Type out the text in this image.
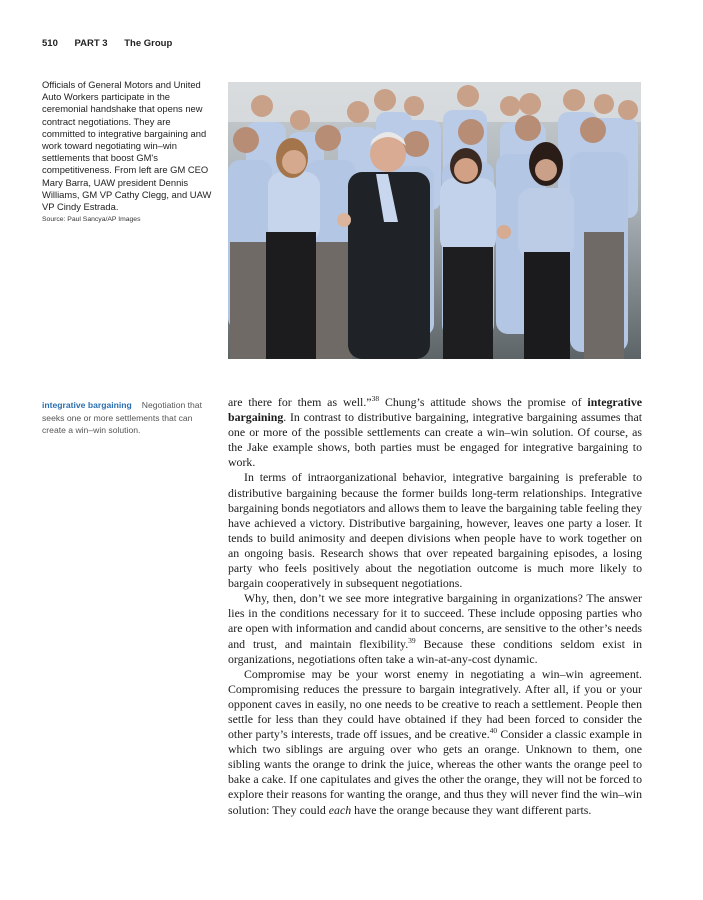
510 PART 3 The Group
Officials of General Motors and United Auto Workers participate in the ceremonial handshake that opens new contract negotiations. They are committed to integrative bargaining and work toward negotiating win–win settlements that boost GM's competitiveness. From left are GM CEO Mary Barra, UAW president Dennis Williams, GM VP Cathy Clegg, and UAW VP Cindy Estrada.
Source: Paul Sancya/AP Images
integrative bargaining Negotiation that seeks one or more settlements that can create a win–win solution.

are there for them as well.”$^{38}$ Chung’s attitude shows the promise of integrative bargaining. In contrast to distributive bargaining, integrative bargaining assumes that one or more of the possible settlements can create a win–win solution. Of course, as the Jake example shows, both parties must be engaged for integrative bargaining to work.

In terms of intraorganizational behavior, integrative bargaining is preferable to distributive bargaining because the former builds long-term relationships. Integrative bargaining bonds negotiators and allows them to leave the bargaining table feeling they have achieved a victory. Distributive bargaining, however, leaves one party a loser. It tends to build animosity and deepen divisions when people have to work together on an ongoing basis. Research shows that over repeated bargaining episodes, a losing party who feels positively about the negotiation outcome is much more likely to bargain cooperatively in subsequent negotiations.

Why, then, don’t we see more integrative bargaining in organizations? The answer lies in the conditions necessary for it to succeed. These include opposing parties who are open with information and candid about concerns, are sensitive to the other’s needs and trust, and maintain flexibility.$^{39}$ Because these conditions seldom exist in organizations, negotiations often take a win-at-any-cost dynamic.

Compromise may be your worst enemy in negotiating a win–win agreement. Compromising reduces the pressure to bargain integratively. After all, if you or your opponent caves in easily, no one needs to be creative to reach a settlement. People then settle for less than they could have obtained if they had been forced to consider the other party’s interests, trade off issues, and be creative.$^{40}$ Consider a classic example in which two siblings are arguing over who gets an orange. Unknown to them, one sibling wants the orange to drink the juice, whereas the other wants the orange peel to bake a cake. If one capitulates and gives the other the orange, they will not be forced to explore their reasons for wanting the orange, and thus they will never find the win–win solution: They could each have the orange because they want different parts.
